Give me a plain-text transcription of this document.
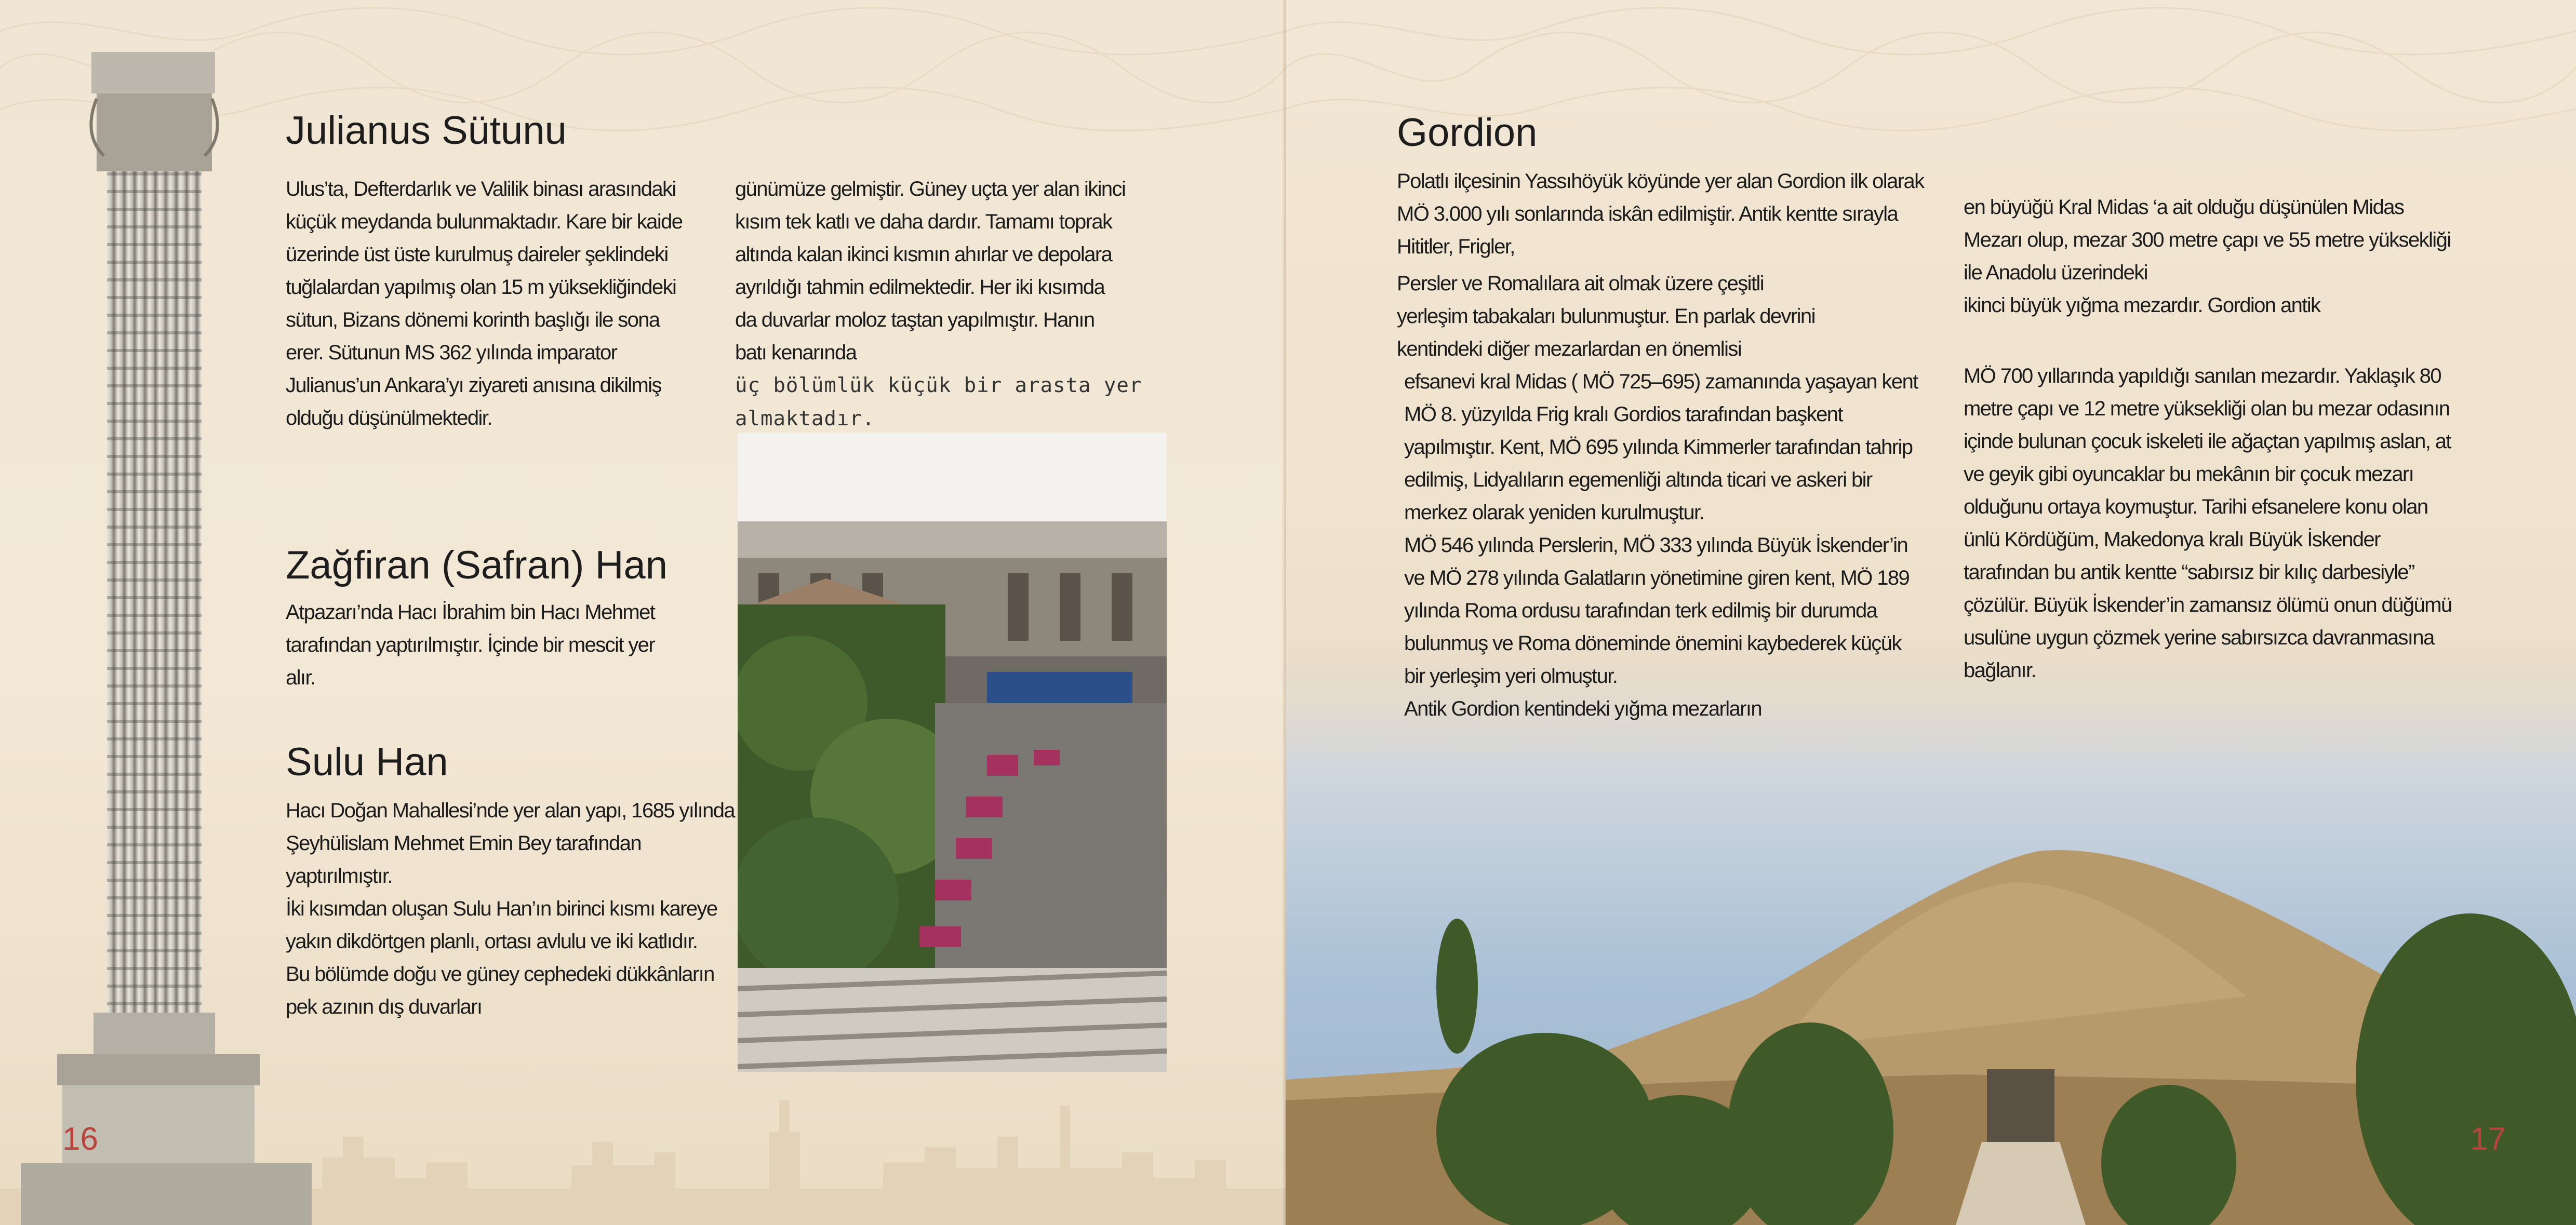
Julianus Sütunu

Ulus’ta, Defterdarlık ve Valilik binası arasındaki

küçük meydanda bulunmaktadır. Kare bir kaide

üzerinde üst üste kurulmuş daireler şeklindeki

tuğlalardan yapılmış olan 15 m yüksekliğindeki

sütun, Bizans dönemi korinth başlığı ile sona

erer. Sütunun MS 362 yılında imparator

Julianus’un Ankara’yı ziyareti anısına dikilmiş

olduğu düşünülmektedir.

Zağfiran (Safran) Han

Atpazarı’nda Hacı İbrahim bin Hacı Mehmet

tarafından yaptırılmıştır. İçinde bir mescit yer

alır.

Sulu Han

Hacı Doğan Mahallesi’nde yer alan yapı, 1685 yılında

Şeyhülislam Mehmet Emin Bey tarafından

yaptırılmıştır.

İki kısımdan oluşan Sulu Han’ın birinci kısmı kareye

yakın dikdörtgen planlı, ortası avlulu ve iki katlıdır.

Bu bölümde doğu ve güney cephedeki dükkânların

pek azının dış duvarları

günümüze gelmiştir. Güney uçta yer alan ikinci

kısım tek katlı ve daha dardır. Tamamı toprak

altında kalan ikinci kısmın ahırlar ve depolara

ayrıldığı tahmin edilmektedir. Her iki kısımda

da duvarlar moloz taştan yapılmıştır. Hanın

batı kenarında

üç bölümlük küçük bir arasta yer

almaktadır.

16
Gordion

Polatlı ilçesinin Yassıhöyük köyünde yer alan Gordion ilk olarak

MÖ 3.000 yılı sonlarında iskân edilmiştir. Antik kentte sırayla

Hititler, Frigler,

Persler ve Romalılara ait olmak üzere çeşitli

yerleşim tabakaları bulunmuştur. En parlak devrini

kentindeki diğer mezarlardan en önemlisi

efsanevi kral Midas ( MÖ 725–695) zamanında yaşayan kent

MÖ 8. yüzyılda Frig kralı Gordios tarafından başkent

yapılmıştır. Kent, MÖ 695 yılında Kimmerler tarafından tahrip

edilmiş, Lidyalıların egemenliği altında ticari ve askeri bir

merkez olarak yeniden kurulmuştur.

MÖ 546 yılında Perslerin, MÖ 333 yılında Büyük İskender’in

ve MÖ 278 yılında Galatların yönetimine giren kent, MÖ 189

yılında Roma ordusu tarafından terk edilmiş bir durumda

bulunmuş ve Roma döneminde önemini kaybederek küçük

bir yerleşim yeri olmuştur.

Antik Gordion kentindeki yığma mezarların

en büyüğü Kral Midas ‘a ait olduğu düşünülen Midas

Mezarı olup, mezar 300 metre çapı ve 55 metre yüksekliği

ile Anadolu üzerindeki

ikinci büyük yığma mezardır. Gordion antik

MÖ 700 yıllarında yapıldığı sanılan mezardır. Yaklaşık 80

metre çapı ve 12 metre yüksekliği olan bu mezar odasının

içinde bulunan çocuk iskeleti ile ağaçtan yapılmış aslan, at

ve geyik gibi oyuncaklar bu mekânın bir çocuk mezarı

olduğunu ortaya koymuştur. Tarihi efsanelere konu olan

ünlü Kördüğüm, Makedonya kralı Büyük İskender

tarafından bu antik kentte “sabırsız bir kılıç darbesiyle”

çözülür. Büyük İskender’in zamansız ölümü onun düğümü

usulüne uygun çözmek yerine sabırsızca davranmasına

bağlanır.

17
